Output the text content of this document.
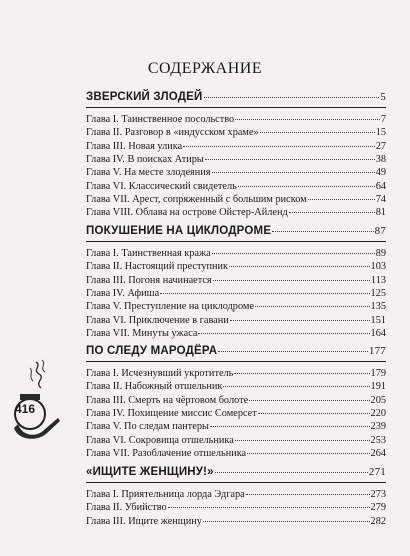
СОДЕРЖАНИЕ
ЗВЕРСКИЙ ЗЛОДЕЙ	5
Глава I. Таинственное посольство	7
Глава II. Разговор в «индусском храме»	15
Глава III. Новая улика	27
Глава IV. В поисках Атиры	38
Глава V. На месте злодеяния	49
Глава VI. Классический свидетель	64
Глава VII. Арест, сопряженный с большим риском	74
Глава VIII. Облава на острове Ойстер-Айленд	81
ПОКУШЕНИЕ НА ЦИКЛОДРОМЕ	87
Глава I. Таинственная кража	89
Глава II. Настоящий преступник	103
Глава III. Погоня начинается	113
Глава IV. Афиша	125
Глава V. Преступление на циклодроме	135
Глава VI. Приключение в гавани	151
Глава VII. Минуты ужаса	164
ПО СЛЕДУ МАРОДЁРА	177
Глава I. Исчезнувший укротитель	179
Глава II. Набожный отшельник	191
Глава III. Смерть на чёртовом болоте	205
Глава IV. Похищение миссис Сомерсет	220
Глава V. По следам пантеры	239
Глава VI. Сокровища отшельника	253
Глава VII. Разоблачение отшельника	264
«ИЩИТЕ ЖЕНЩИНУ!»	271
Глава I. Приятельница лорда Эдгара	273
Глава II. Убийство	279
Глава III. Ищите женщину	282
416
